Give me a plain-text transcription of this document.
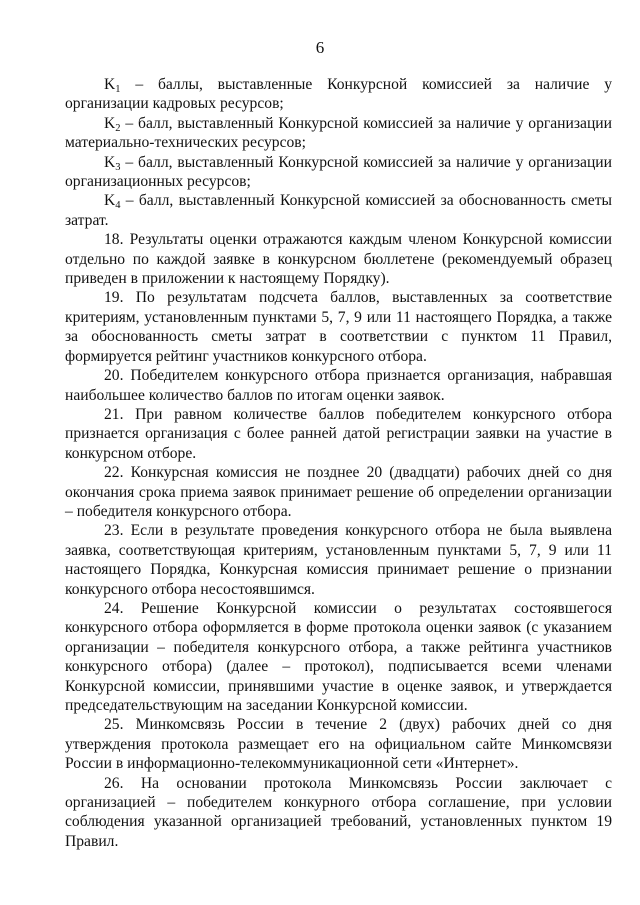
6

$K_1$ – баллы, выставленные Конкурсной комиссией за наличие у организации кадровых ресурсов;

$K_2$ – балл, выставленный Конкурсной комиссией за наличие у организации материально-технических ресурсов;

$K_3$ – балл, выставленный Конкурсной комиссией за наличие у организации организационных ресурсов;

$K_4$ – балл, выставленный Конкурсной комиссией за обоснованность сметы затрат.

18. Результаты оценки отражаются каждым членом Конкурсной комиссии отдельно по каждой заявке в конкурсном бюллетене (рекомендуемый образец приведен в приложении к настоящему Порядку).

19. По результатам подсчета баллов, выставленных за соответствие критериям, установленным пунктами 5, 7, 9 или 11 настоящего Порядка, а также за обоснованность сметы затрат в соответствии с пунктом 11 Правил, формируется рейтинг участников конкурсного отбора.

20. Победителем конкурсного отбора признается организация, набравшая наибольшее количество баллов по итогам оценки заявок.

21. При равном количестве баллов победителем конкурсного отбора признается организация с более ранней датой регистрации заявки на участие в конкурсном отборе.

22. Конкурсная комиссия не позднее 20 (двадцати) рабочих дней со дня окончания срока приема заявок принимает решение об определении организации – победителя конкурсного отбора.

23. Если в результате проведения конкурсного отбора не была выявлена заявка, соответствующая критериям, установленным пунктами 5, 7, 9 или 11 настоящего Порядка, Конкурсная комиссия принимает решение о признании конкурсного отбора несостоявшимся.

24. Решение Конкурсной комиссии о результатах состоявшегося конкурсного отбора оформляется в форме протокола оценки заявок (с указанием организации – победителя конкурсного отбора, а также рейтинга участников конкурсного отбора) (далее – протокол), подписывается всеми членами Конкурсной комиссии, принявшими участие в оценке заявок, и утверждается председательствующим на заседании Конкурсной комиссии.

25. Минкомсвязь России в течение 2 (двух) рабочих дней со дня утверждения протокола размещает его на официальном сайте Минкомсвязи России в информационно-телекоммуникационной сети «Интернет».

26. На основании протокола Минкомсвязь России заключает с организацией – победителем конкурного отбора соглашение, при условии соблюдения указанной организацией требований, установленных пунктом 19 Правил.
